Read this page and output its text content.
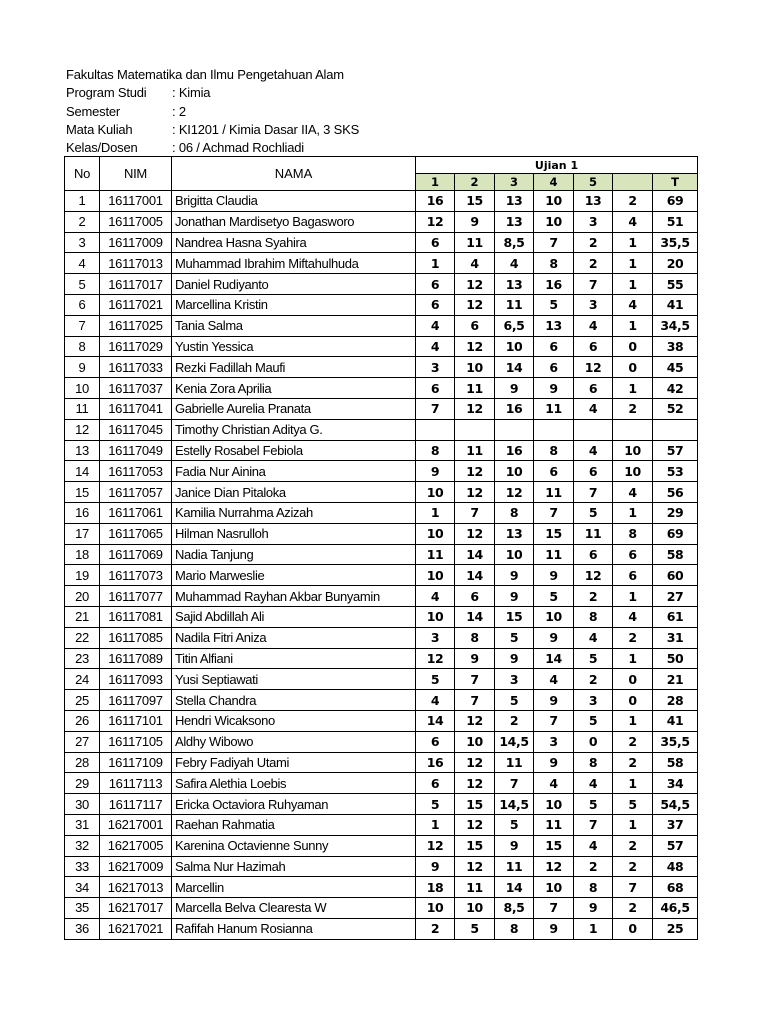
Fakultas Matematika dan Ilmu Pengetahuan Alam
Program Studi : Kimia
Semester	: 2
Mata Kuliah	: KI1201 / Kimia Dasar IIA, 3 SKS
Kelas/Dosen	: 06 / Achmad Rochliadi
No	NIM	NAMA	Ujian 1						
			1	2	3	4	5		T
1	16117001	Brigitta Claudia	16	15	13	10	13	2	69
2	16117005	Jonathan Mardisetyo Bagasworo	12	9	13	10	3	4	51
3	16117009	Nandrea Hasna Syahira	6	11	8,5	7	2	1	35,5
4	16117013	Muhammad Ibrahim Miftahulhuda	1	4	4	8	2	1	20
5	16117017	Daniel Rudiyanto	6	12	13	16	7	1	55
6	16117021	Marcellina Kristin	6	12	11	5	3	4	41
7	16117025	Tania Salma	4	6	6,5	13	4	1	34,5
8	16117029	Yustin Yessica	4	12	10	6	6	0	38
9	16117033	Rezki Fadillah Maufi	3	10	14	6	12	0	45
10	16117037	Kenia Zora Aprilia	6	11	9	9	6	1	42
11	16117041	Gabrielle Aurelia Pranata	7	12	16	11	4	2	52
12	16117045	Timothy Christian Aditya G.							
13	16117049	Estelly Rosabel Febiola	8	11	16	8	4	10	57
14	16117053	Fadia Nur Ainina	9	12	10	6	6	10	53
15	16117057	Janice Dian Pitaloka	10	12	12	11	7	4	56
16	16117061	Kamilia Nurrahma Azizah	1	7	8	7	5	1	29
17	16117065	Hilman Nasrulloh	10	12	13	15	11	8	69
18	16117069	Nadia Tanjung	11	14	10	11	6	6	58
19	16117073	Mario Marweslie	10	14	9	9	12	6	60
20	16117077	Muhammad Rayhan Akbar Bunyamin	4	6	9	5	2	1	27
21	16117081	Sajid Abdillah Ali	10	14	15	10	8	4	61
22	16117085	Nadila Fitri Aniza	3	8	5	9	4	2	31
23	16117089	Titin Alfiani	12	9	9	14	5	1	50
24	16117093	Yusi Septiawati	5	7	3	4	2	0	21
25	16117097	Stella Chandra	4	7	5	9	3	0	28
26	16117101	Hendri Wicaksono	14	12	2	7	5	1	41
27	16117105	Aldhy Wibowo	6	10	14,5	3	0	2	35,5
28	16117109	Febry Fadiyah Utami	16	12	11	9	8	2	58
29	16117113	Safira Alethia Loebis	6	12	7	4	4	1	34
30	16117117	Ericka Octaviora Ruhyaman	5	15	14,5	10	5	5	54,5
31	16217001	Raehan Rahmatia	1	12	5	11	7	1	37
32	16217005	Karenina Octavienne Sunny	12	15	9	15	4	2	57
33	16217009	Salma Nur Hazimah	9	12	11	12	2	2	48
34	16217013	Marcellin	18	11	14	10	8	7	68
35	16217017	Marcella Belva Clearesta W	10	10	8,5	7	9	2	46,5
36	16217021	Rafifah Hanum Rosianna	2	5	8	9	1	0	25
